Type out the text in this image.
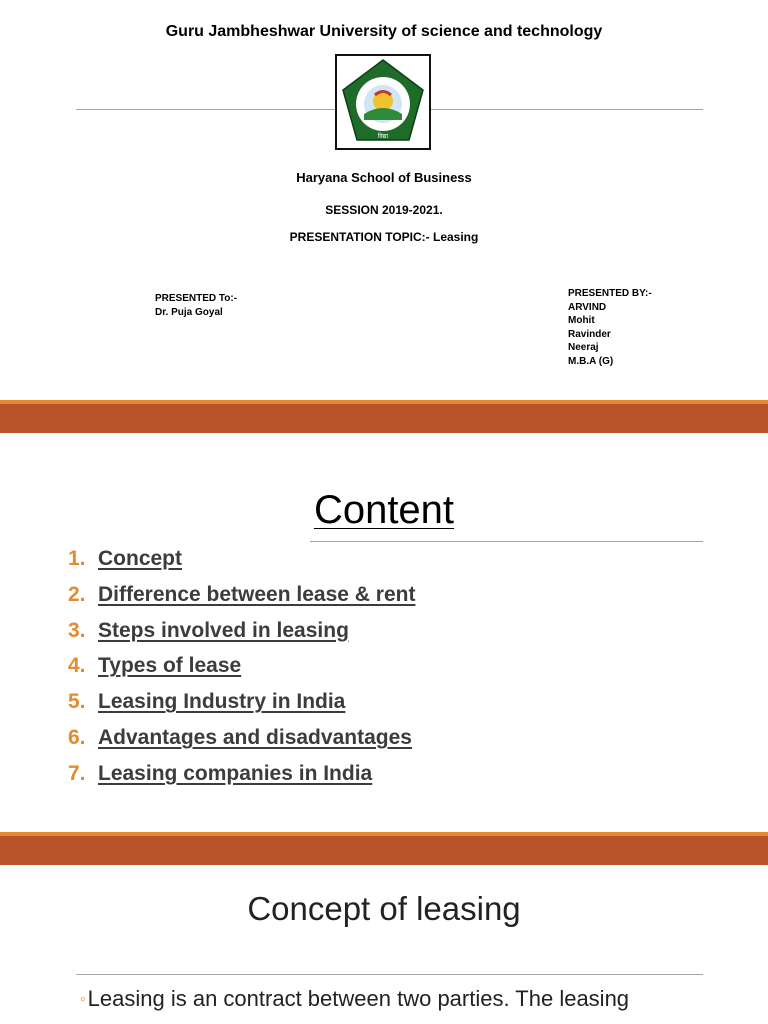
Guru Jambheshwar University of science and technology
विद्या
Haryana School of Business
SESSION 2019-2021.
PRESENTATION TOPIC:- Leasing
PRESENTED To:-
Dr. Puja Goyal
PRESENTED BY:-
ARVIND
Mohit
Ravinder
Neeraj
M.B.A (G)
Content
1. Concept
2. Difference between lease & rent
3. Steps involved in leasing
4. Types of lease
5. Leasing Industry in India
6. Advantages and disadvantages
7. Leasing companies in India
Concept of leasing
◦Leasing is an contract between two parties. The leasing
